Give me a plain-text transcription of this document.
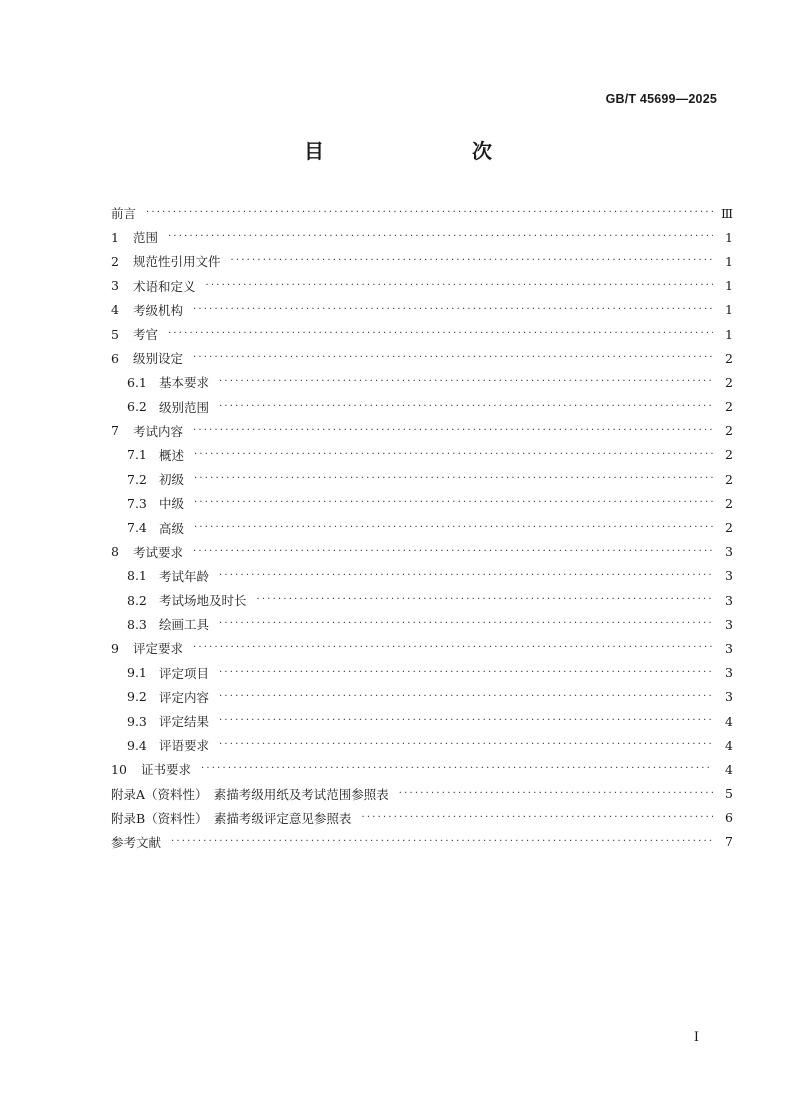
GB/T 45699—2025
目　　次
前言 ·····	Ⅲ
1	范围 ·····	1
2	规范性引用文件 ·····	1
3	术语和定义 ·····	1
4	考级机构 ·····	1
5	考官 ·····	1
6	级别设定 ·····	2
6.1 基本要求 ·····	2
6.2 级别范围 ·····	2
7	考试内容 ·····	2
7.1 概述 ·····	2
7.2 初级 ·····	2
7.3 中级 ·····	2
7.4 高级 ·····	2
8	考试要求 ·····	3
8.1 考试年龄 ·····	3
8.2 考试场地及时长 ·····	3
8.3 绘画工具 ·····	3
9	评定要求 ·····	3
9.1 评定项目 ·····	3
9.2 评定内容 ·····	3
9.3 评定结果 ·····	4
9.4 评语要求 ·····	4
10	证书要求 ·····	4
附录A（资料性）　素描考级用纸及考试范围参照表 ·····	5
附录B（资料性）　素描考级评定意见参照表 ·····	6
参考文献 ·····	7
Ⅰ
